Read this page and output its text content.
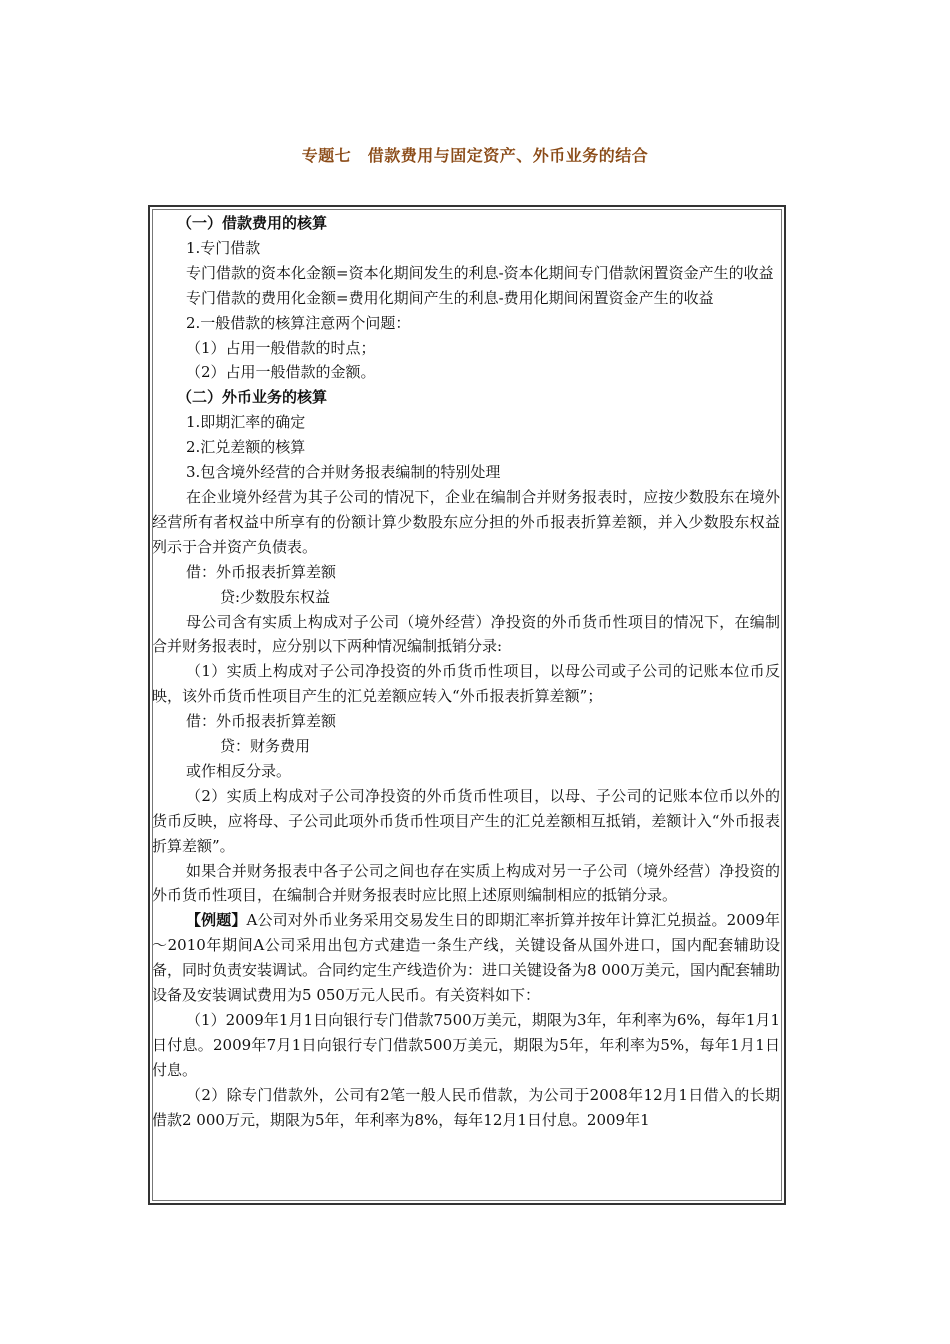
专题七　借款费用与固定资产、外币业务的结合

（一）借款费用的核算

1.专门借款

专门借款的资本化金额=资本化期间发生的利息-资本化期间专门借款闲置资金产生的收益

专门借款的费用化金额=费用化期间产生的利息-费用化期间闲置资金产生的收益

2.一般借款的核算注意两个问题：

（1）占用一般借款的时点；

（2）占用一般借款的金额。

（二）外币业务的核算

1.即期汇率的确定

2.汇兑差额的核算

3.包含境外经营的合并财务报表编制的特别处理

在企业境外经营为其子公司的情况下，企业在编制合并财务报表时，应按少数股东在境外经营所有者权益中所享有的份额计算少数股东应分担的外币报表折算差额，并入少数股东权益列示于合并资产负债表。

借：外币报表折算差额

贷:少数股东权益

母公司含有实质上构成对子公司（境外经营）净投资的外币货币性项目的情况下，在编制合并财务报表时，应分别以下两种情况编制抵销分录:

（1）实质上构成对子公司净投资的外币货币性项目，以母公司或子公司的记账本位币反映，该外币货币性项目产生的汇兑差额应转入“外币报表折算差额”；

借：外币报表折算差额

贷：财务费用

或作相反分录。

（2）实质上构成对子公司净投资的外币货币性项目，以母、子公司的记账本位币以外的货币反映，应将母、子公司此项外币货币性项目产生的汇兑差额相互抵销，差额计入“外币报表折算差额”。

如果合并财务报表中各子公司之间也存在实质上构成对另一子公司（境外经营）净投资的外币货币性项目，在编制合并财务报表时应比照上述原则编制相应的抵销分录。

【例题】A公司对外币业务采用交易发生日的即期汇率折算并按年计算汇兑损益。2009年～2010年期间A公司采用出包方式建造一条生产线，关键设备从国外进口，国内配套辅助设备，同时负责安装调试。合同约定生产线造价为：进口关键设备为8 000万美元，国内配套辅助设备及安装调试费用为5 050万元人民币。有关资料如下：

（1）2009年1月1日向银行专门借款7500万美元，期限为3年，年利率为6%，每年1月1日付息。2009年7月1日向银行专门借款500万美元，期限为5年，年利率为5%，每年1月1日付息。

（2）除专门借款外，公司有2笔一般人民币借款，为公司于2008年12月1日借入的长期借款2 000万元，期限为5年，年利率为8%，每年12月1日付息。2009年1
